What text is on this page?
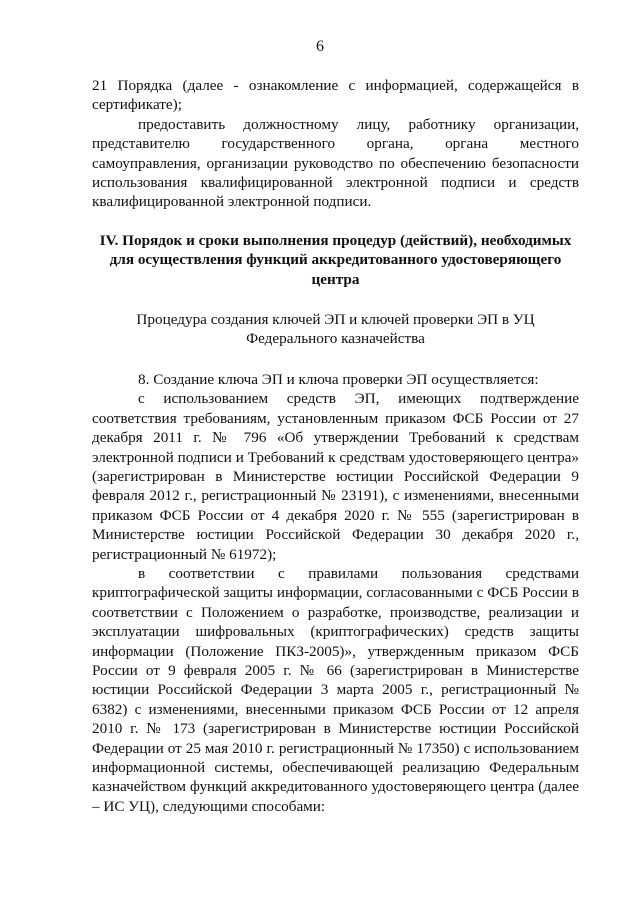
6

21 Порядка (далее - ознакомление с информацией, содержащейся в сертификате);

предоставить должностному лицу, работнику организации, представителю государственного органа, органа местного самоуправления, организации руководство по обеспечению безопасности использования квалифицированной электронной подписи и средств квалифицированной электронной подписи.

IV. Порядок и сроки выполнения процедур (действий), необходимых для осуществления функций аккредитованного удостоверяющего центра

Процедура создания ключей ЭП и ключей проверки ЭП в УЦ Федерального казначейства

8. Создание ключа ЭП и ключа проверки ЭП осуществляется:

с использованием средств ЭП, имеющих подтверждение соответствия требованиям, установленным приказом ФСБ России от 27 декабря 2011 г. № 796 «Об утверждении Требований к средствам электронной подписи и Требований к средствам удостоверяющего центра» (зарегистрирован в Министерстве юстиции Российской Федерации 9 февраля 2012 г., регистрационный № 23191), с изменениями, внесенными приказом ФСБ России от 4 декабря 2020 г. № 555 (зарегистрирован в Министерстве юстиции Российской Федерации 30 декабря 2020 г., регистрационный № 61972);

в соответствии с правилами пользования средствами криптографической защиты информации, согласованными с ФСБ России в соответствии с Положением о разработке, производстве, реализации и эксплуатации шифровальных (криптографических) средств защиты информации (Положение ПКЗ-2005)», утвержденным приказом ФСБ России от 9 февраля 2005 г. № 66 (зарегистрирован в Министерстве юстиции Российской Федерации 3 марта 2005 г., регистрационный № 6382) с изменениями, внесенными приказом ФСБ России от 12 апреля 2010 г. № 173 (зарегистрирован в Министерстве юстиции Российской Федерации от 25 мая 2010 г. регистрационный № 17350) с использованием информационной системы, обеспечивающей реализацию Федеральным казначейством функций аккредитованного удостоверяющего центра (далее – ИС УЦ), следующими способами:
